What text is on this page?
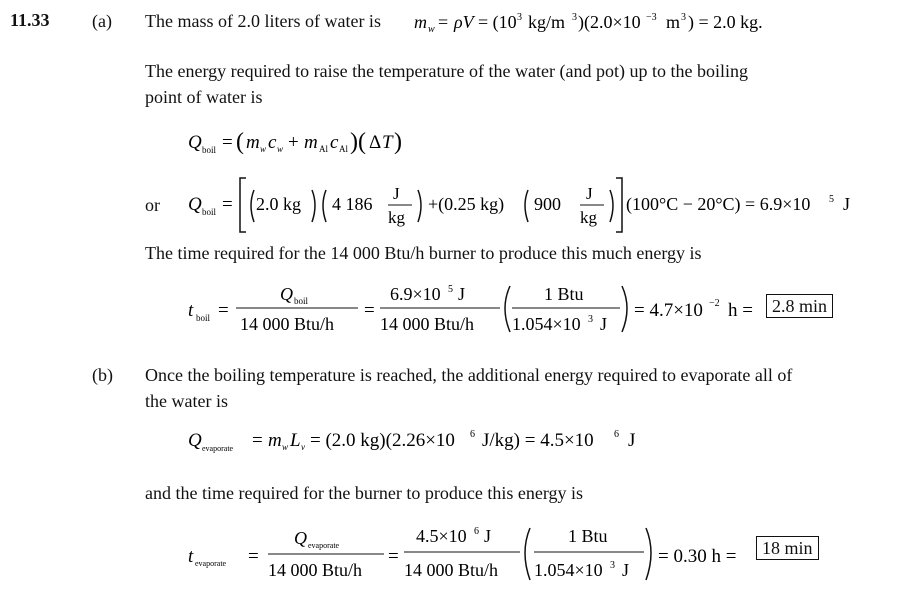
11.33 (a) The mass of 2.0 liters of water is m w = ρV = (10 3 kg/m 3 )(2.0×10 −3 m 3 ) = 2.0 kg.
The energy required to raise the temperature of the water (and pot) up to the boiling
point of water is
Q boil = ( m w c w + m Al c Al )( Δ T )
or Q boil = 2.0 kg 4 186
J
kg
+(0.25 kg) 900
J
kg
(100°C − 20°C) = 6.9×10 5 J
The time required for the 14 000 Btu/h burner to produce this much energy is
t boil =
Q boil
14 000 Btu/h
=
6.9×10 5 J
14 000 Btu/h
1 Btu
1.054×10 3 J
= 4.7×10 −2 h =	2.8 min
(b) Once the boiling temperature is reached, the additional energy required to evaporate all of
the water is
Q evaporate = m w L v = (2.0 kg)(2.26×10 6 J/kg) = 4.5×10 6 J
and the time required for the burner to produce this energy is
t evaporate =
Q evaporate
14 000 Btu/h
=
4.5×10 6 J
14 000 Btu/h
1 Btu
1.054×10 3 J
= 0.30 h =	18 min
